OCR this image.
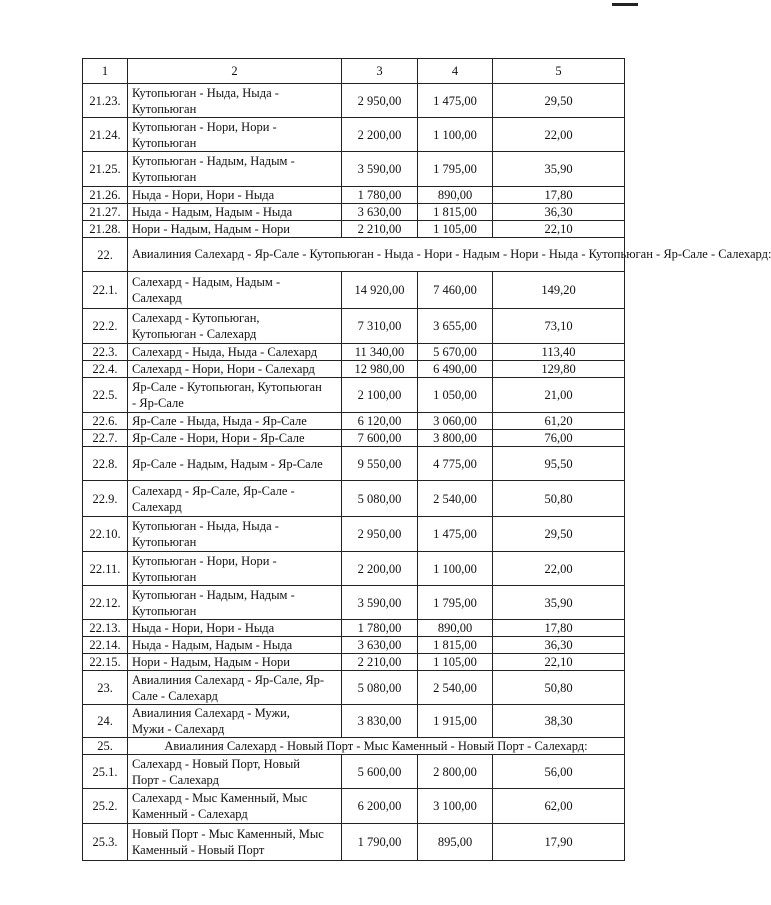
1	2	3	4	5
21.23.	Кутопьюган - Ныда, Ныда -
Кутопьюган	2 950,00	1 475,00	29,50
21.24.	Кутопьюган - Нори, Нори -
Кутопьюган	2 200,00	1 100,00	22,00
21.25.	Кутопьюган - Надым, Надым -
Кутопьюган	3 590,00	1 795,00	35,90
21.26.	Ныда - Нори, Нори - Ныда	1 780,00	890,00	17,80
21.27.	Ныда - Надым, Надым - Ныда	3 630,00	1 815,00	36,30
21.28.	Нори - Надым, Надым - Нори	2 210,00	1 105,00	22,10
22.	Авиалиния Салехард - Яр-Сале - Кутопьюган - Ныда - Нори - Надым - Нори - Ныда - Кутопьюган - Яр-Сале - Салехард:			
22.1.	Салехард - Надым, Надым -
Салехард	14 920,00	7 460,00	149,20
22.2.	Салехард - Кутопьюган,
Кутопьюган - Салехард	7 310,00	3 655,00	73,10
22.3.	Салехард - Ныда, Ныда - Салехард	11 340,00	5 670,00	113,40
22.4.	Салехард - Нори, Нори - Салехард	12 980,00	6 490,00	129,80
22.5.	Яр-Сале - Кутопьюган, Кутопьюган
- Яр-Сале	2 100,00	1 050,00	21,00
22.6.	Яр-Сале - Ныда, Ныда - Яр-Сале	6 120,00	3 060,00	61,20
22.7.	Яр-Сале - Нори, Нори - Яр-Сале	7 600,00	3 800,00	76,00
22.8.	Яр-Сале - Надым, Надым - Яр-Сале	9 550,00	4 775,00	95,50
22.9.	Салехард - Яр-Сале, Яр-Сале -
Салехард	5 080,00	2 540,00	50,80
22.10.	Кутопьюган - Ныда, Ныда -
Кутопьюган	2 950,00	1 475,00	29,50
22.11.	Кутопьюган - Нори, Нори -
Кутопьюган	2 200,00	1 100,00	22,00
22.12.	Кутопьюган - Надым, Надым -
Кутопьюган	3 590,00	1 795,00	35,90
22.13.	Ныда - Нори, Нори - Ныда	1 780,00	890,00	17,80
22.14.	Ныда - Надым, Надым - Ныда	3 630,00	1 815,00	36,30
22.15.	Нори - Надым, Надым - Нори	2 210,00	1 105,00	22,10
23.	Авиалиния Салехард - Яр-Сале, Яр-
Сале - Салехард	5 080,00	2 540,00	50,80
24.	Авиалиния Салехард - Мужи,
Мужи - Салехард	3 830,00	1 915,00	38,30
25.	Авиалиния Салехард - Новый Порт - Мыс Каменный - Новый Порт - Салехард:			
25.1.	Салехард - Новый Порт, Новый
Порт - Салехард	5 600,00	2 800,00	56,00
25.2.	Салехард - Мыс Каменный, Мыс
Каменный - Салехард	6 200,00	3 100,00	62,00
25.3.	Новый Порт - Мыс Каменный, Мыс
Каменный - Новый Порт	1 790,00	895,00	17,90
